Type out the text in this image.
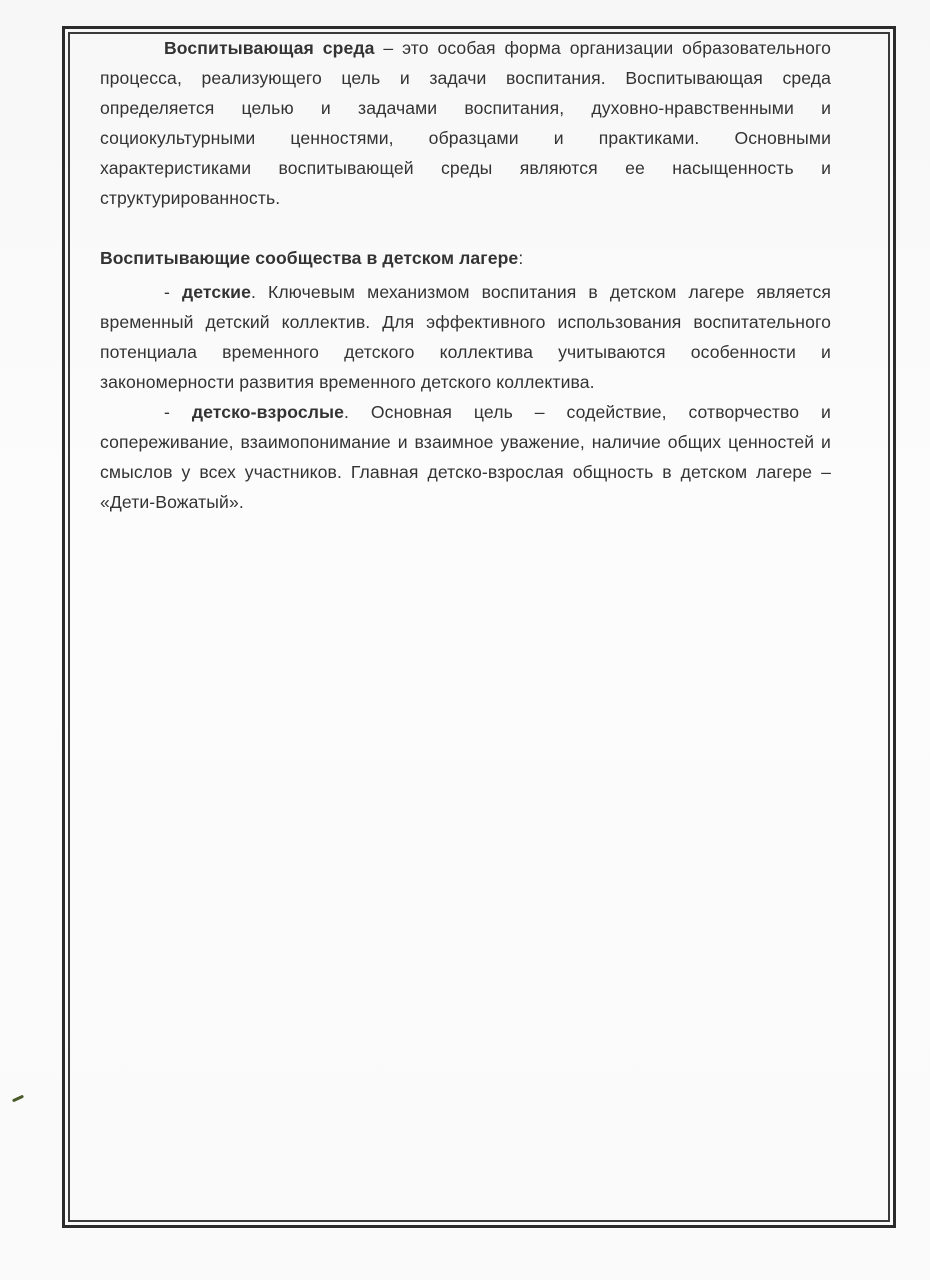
Воспитывающая среда – это особая форма организации образовательного процесса, реализующего цель и задачи воспитания. Воспитывающая среда определяется целью и задачами воспитания, духовно-нравственными и социокультурными ценностями, образцами и практиками. Основными характеристиками воспитывающей среды являются ее насыщенность и структурированность.

Воспитывающие сообщества в детском лагере:

- детские. Ключевым механизмом воспитания в детском лагере является временный детский коллектив. Для эффективного использования воспитательного потенциала временного детского коллектива учитываются особенности и закономерности развития временного детского коллектива.

- детско-взрослые. Основная цель – содействие, сотворчество и сопереживание, взаимопонимание и взаимное уважение, наличие общих ценностей и смыслов у всех участников. Главная детско-взрослая общность в детском лагере – «Дети-Вожатый».
